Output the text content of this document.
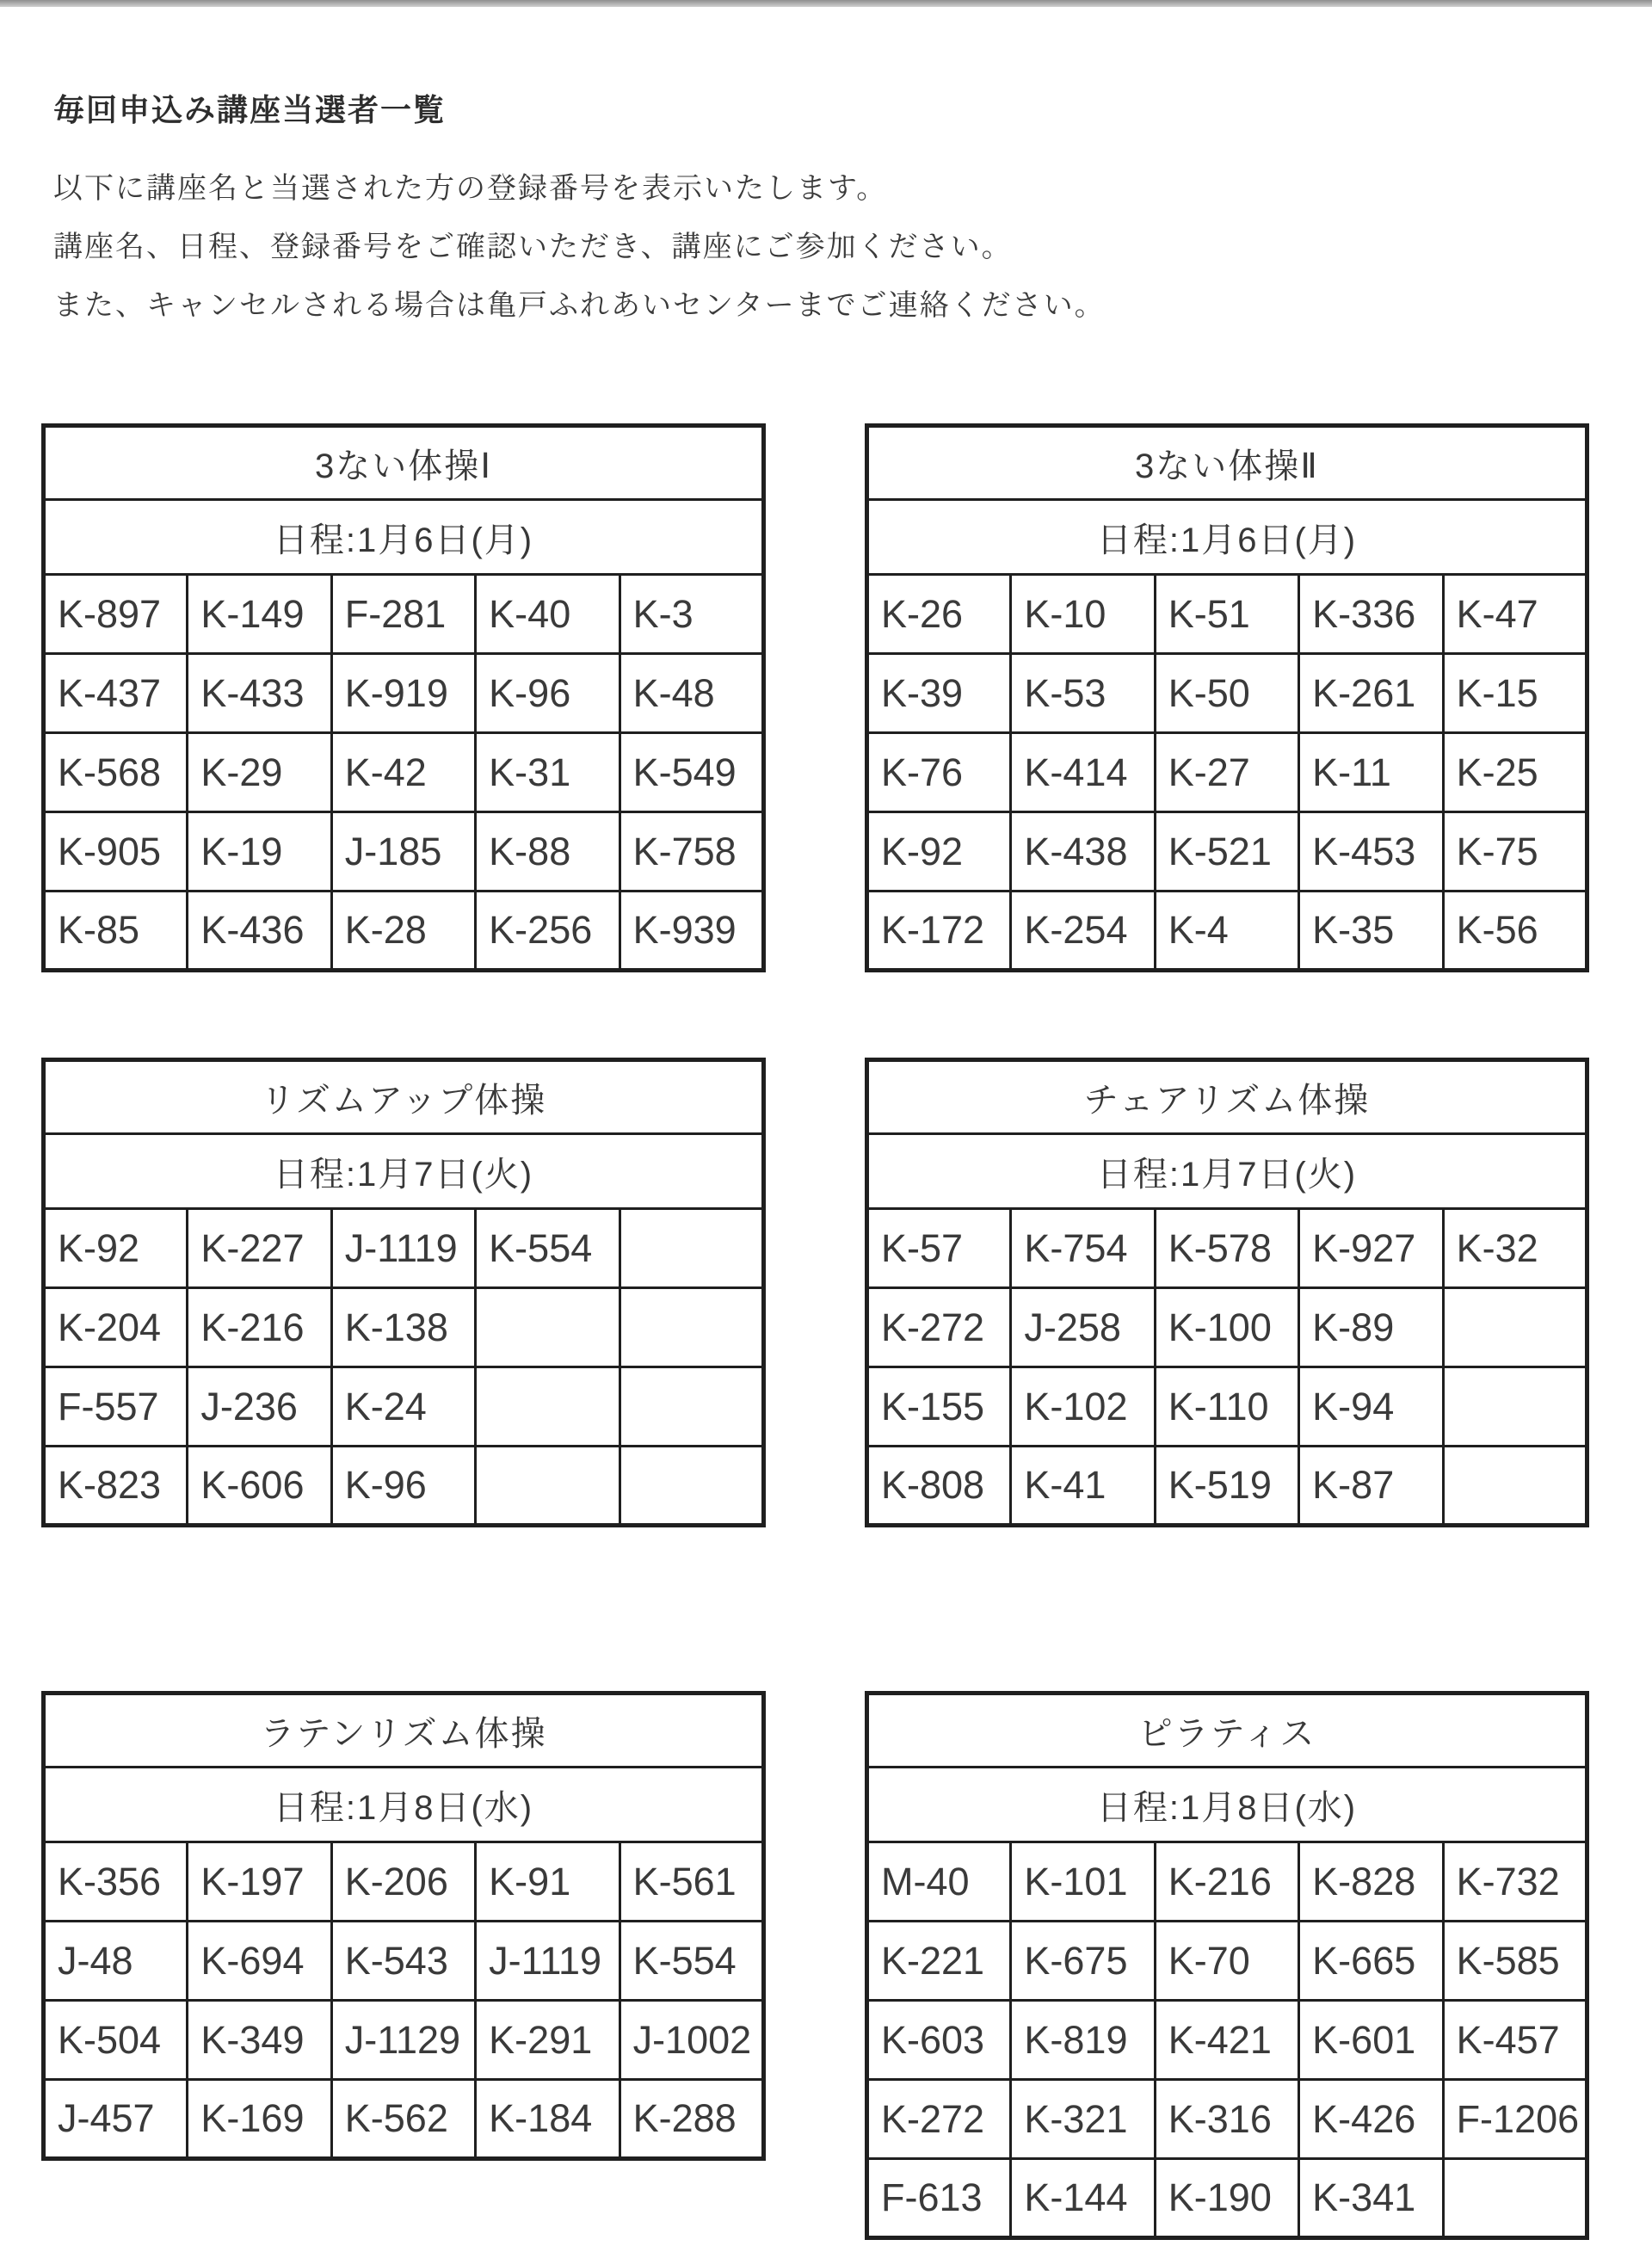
毎回申込み講座当選者一覧

以下に講座名と当選された方の登録番号を表示いたします。

講座名、日程、登録番号をご確認いただき、講座にご参加ください。

また、キャンセルされる場合は亀戸ふれあいセンターまでご連絡ください。

3ない体操Ⅰ				
日程:1月6日(月)				
K-897	K-149	F-281	K-40	K-3
K-437	K-433	K-919	K-96	K-48
K-568	K-29	K-42	K-31	K-549
K-905	K-19	J-185	K-88	K-758
K-85	K-436	K-28	K-256	K-939
3ない体操Ⅱ				
日程:1月6日(月)				
K-26	K-10	K-51	K-336	K-47
K-39	K-53	K-50	K-261	K-15
K-76	K-414	K-27	K-11	K-25
K-92	K-438	K-521	K-453	K-75
K-172	K-254	K-4	K-35	K-56
リズムアップ体操				
日程:1月7日(火)				
K-92	K-227	J-1119	K-554	
K-204	K-216	K-138		
F-557	J-236	K-24		
K-823	K-606	K-96		
チェアリズム体操				
日程:1月7日(火)				
K-57	K-754	K-578	K-927	K-32
K-272	J-258	K-100	K-89	
K-155	K-102	K-110	K-94	
K-808	K-41	K-519	K-87	
ラテンリズム体操				
日程:1月8日(水)				
K-356	K-197	K-206	K-91	K-561
J-48	K-694	K-543	J-1119	K-554
K-504	K-349	J-1129	K-291	J-1002
J-457	K-169	K-562	K-184	K-288
ピラティス				
日程:1月8日(水)				
M-40	K-101	K-216	K-828	K-732
K-221	K-675	K-70	K-665	K-585
K-603	K-819	K-421	K-601	K-457
K-272	K-321	K-316	K-426	F-1206
F-613	K-144	K-190	K-341	
